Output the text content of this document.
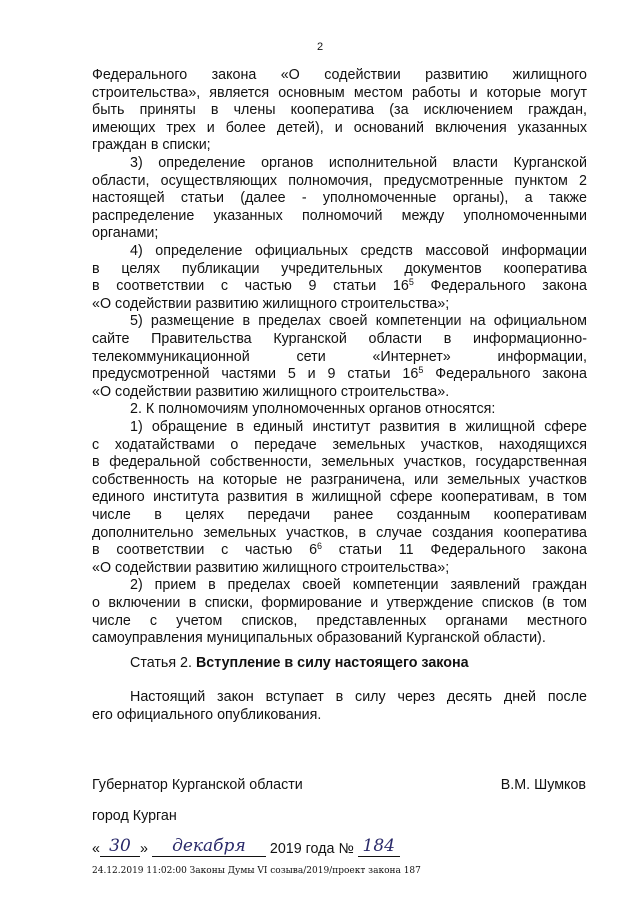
2
Федерального закона «О содействии развитию жилищного
строительства», является основным местом работы и которые могут
быть приняты в члены кооператива (за исключением граждан,
имеющих трех и более детей), и оснований включения указанных
граждан в списки;
3) определение органов исполнительной власти Курганской
области, осуществляющих полномочия, предусмотренные пунктом 2
настоящей статьи (далее - уполномоченные органы), а также
распределение указанных полномочий между уполномоченными
органами;
4) определение официальных средств массовой информации
в целях публикации учредительных документов кооператива
в соответствии с частью 9 статьи $16^5$ Федерального закона
«О содействии развитию жилищного строительства»;
5) размещение в пределах своей компетенции на официальном
сайте Правительства Курганской области в информационно-
телекоммуникационной сети «Интернет» информации,
предусмотренной частями 5 и 9 статьи $16^5$ Федерального закона
«О содействии развитию жилищного строительства».
2. К полномочиям уполномоченных органов относятся:
1) обращение в единый институт развития в жилищной сфере
с ходатайствами о передаче земельных участков, находящихся
в федеральной собственности, земельных участков, государственная
собственность на которые не разграничена, или земельных участков
единого института развития в жилищной сфере кооперативам, в том
числе в целях передачи ранее созданным кооперативам
дополнительно земельных участков, в случае создания кооператива
в соответствии с частью $6^6$ статьи 11 Федерального закона
«О содействии развитию жилищного строительства»;
2) прием в пределах своей компетенции заявлений граждан
о включении в списки, формирование и утверждение списков (в том
числе с учетом списков, представленных органами местного
самоуправления муниципальных образований Курганской области).
Статья 2. Вступление в силу настоящего закона
Настоящий закон вступает в силу через десять дней после
его официального опубликования.
Губернатор Курганской области	В.М. Шумков
город Курган
« 30 » декабря 2019 года № 184
24.12.2019 11:02:00 Законы Думы VI созыва/2019/проект закона 187
